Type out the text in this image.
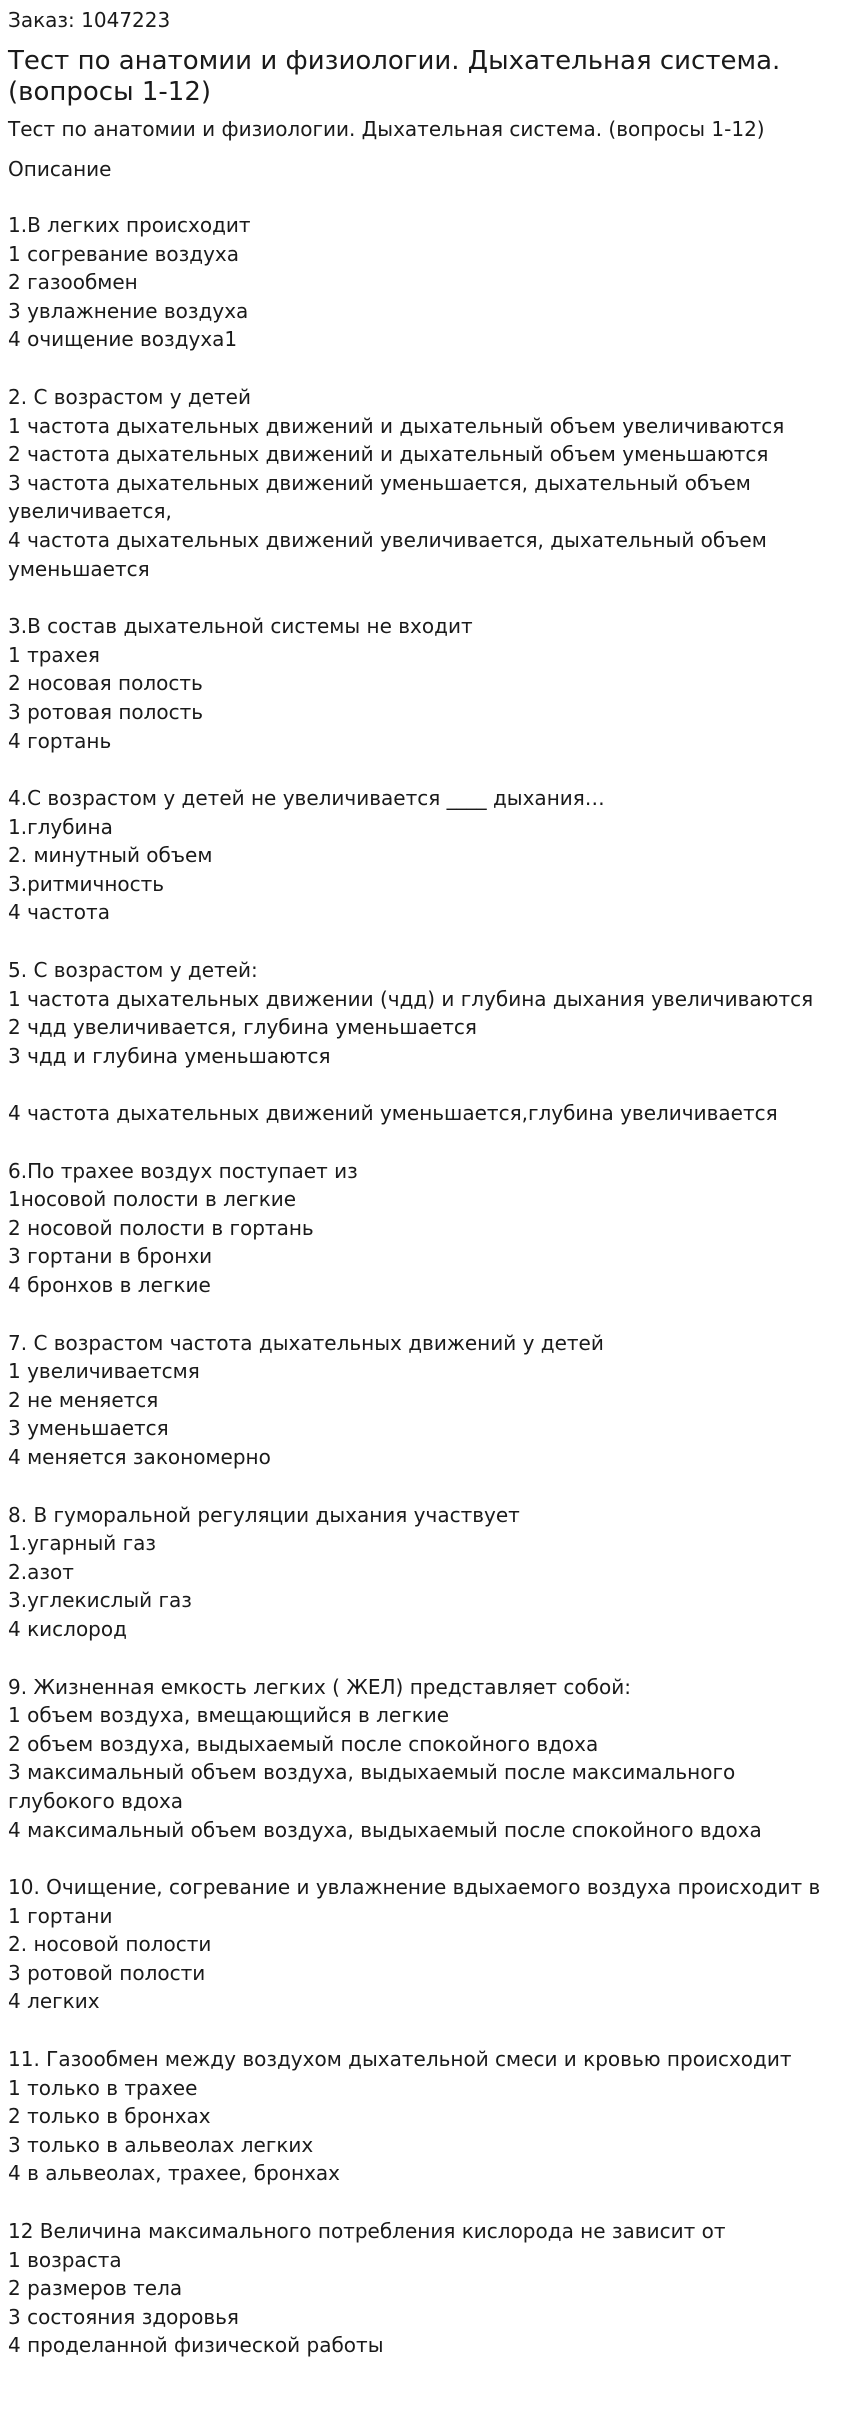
Заказ: 1047223
Тест по анатомии и физиологии. Дыхательная система. (вопросы 1-12)
Тест по анатомии и физиологии. Дыхательная система. (вопросы 1-12)
Описание
1.В легких происходит
1 согревание воздуха
2 газообмен
3 увлажнение воздуха
4 очищение воздуха1
2. С возрастом у детей
1 частота дыхательных движений и дыхательный объем увеличиваются
2 частота дыхательных движений и дыхательный объем уменьшаются
3 частота дыхательных движений уменьшается, дыхательный объем увеличивается,
4 частота дыхательных движений увеличивается, дыхательный объем уменьшается
3.В состав дыхательной системы не входит
1 трахея
2 носовая полость
3 ротовая полость
4 гортань
4.С возрастом у детей не увеличивается ____ дыхания…
1.глубина
2. минутный объем
3.ритмичность
4 частота
5. С возрастом у детей:
1 частота дыхательных движении (чдд) и глубина дыхания увеличиваются
2 чдд увеличивается, глубина уменьшается
3 чдд и глубина уменьшаются
4 частота дыхательных движений уменьшается,глубина увеличивается
6.По трахее воздух поступает из
1носовой полости в легкие
2 носовой полости в гортань
3 гортани в бронхи
4 бронхов в легкие
7. С возрастом частота дыхательных движений у детей
1 увеличиваетсмя
2 не меняется
3 уменьшается
4 меняется закономерно
8. В гуморальной регуляции дыхания участвует
1.угарный газ
2.азот
3.углекислый газ
4 кислород
9. Жизненная емкость легких ( ЖЕЛ) представляет собой:
1 объем воздуха, вмещающийся в легкие
2 объем воздуха, выдыхаемый после спокойного вдоха
3 максимальный объем воздуха, выдыхаемый после максимального глубокого вдоха
4 максимальный объем воздуха, выдыхаемый после спокойного вдоха
10. Очищение, согревание и увлажнение вдыхаемого воздуха происходит в
1 гортани
2. носовой полости
3 ротовой полости
4 легких
11. Газообмен между воздухом дыхательной смеси и кровью происходит
1 только в трахее
2 только в бронхах
3 только в альвеолах легких
4 в альвеолах, трахее, бронхах
12 Величина максимального потребления кислорода не зависит от
1 возраста
2 размеров тела
3 состояния здоровья
4 проделанной физической работы
